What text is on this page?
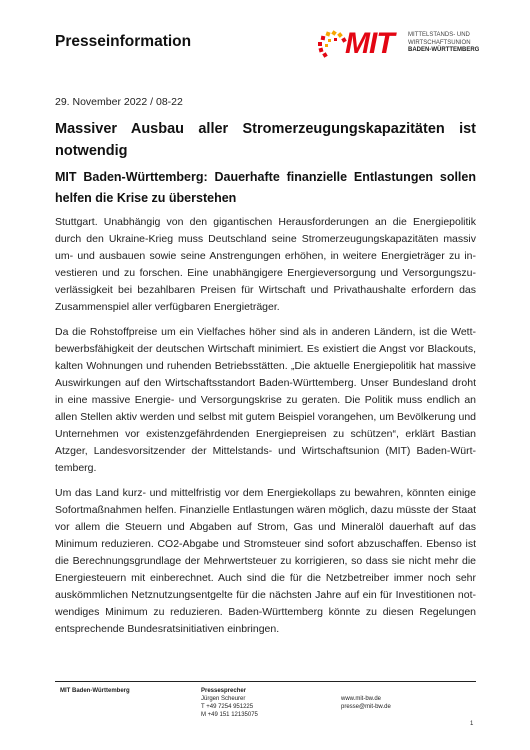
Presseinformation	MIT MITTELSTANDS- UND
WIRTSCHAFTSUNION
BADEN-WÜRTTEMBERG
29. November 2022 / 08-22
Massiver Ausbau aller Stromerzeugungskapazitäten ist notwendig
MIT Baden-Württemberg: Dauerhafte finanzielle Entlastungen sollen helfen die Krise zu überstehen

Stuttgart. Unabhängig von den gigantischen Herausforderungen an die Energiepolitik durch den Ukraine-Krieg muss Deutschland seine Stromerzeugungskapazitäten massiv um- und ausbauen sowie seine Anstrengungen erhöhen, in weitere Energieträger zu investieren und zu forschen. Eine unabhängigere Energieversorgung und Versorgungszuverlässigkeit bei bezahlbaren Preisen für Wirtschaft und Privathaushalte erfordern das Zusammenspiel aller verfügbaren Energieträger.

Da die Rohstoffpreise um ein Vielfaches höher sind als in anderen Ländern, ist die Wettbewerbsfähigkeit der deutschen Wirtschaft minimiert. Es existiert die Angst vor Blackouts, kalten Wohnungen und ruhenden Betriebsstätten. „Die aktuelle Energiepolitik hat massive Auswirkungen auf den Wirtschaftsstandort Baden-Württemberg. Unser Bundesland droht in eine massive Energie- und Versorgungskrise zu geraten. Die Politik muss endlich an allen Stellen aktiv werden und selbst mit gutem Beispiel vorangehen, um Bevölkerung und Unternehmen vor existenzgefährdenden Energiepreisen zu schützen“, erklärt Bastian Atzger, Landesvorsitzender der Mittelstands- und Wirtschaftsunion (MIT) Baden-Württemberg.

Um das Land kurz- und mittelfristig vor dem Energiekollaps zu bewahren, könnten einige Sofortmaßnahmen helfen. Finanzielle Entlastungen wären möglich, dazu müsste der Staat vor allem die Steuern und Abgaben auf Strom, Gas und Mineralöl dauerhaft auf das Minimum reduzieren. CO2-Abgabe und Stromsteuer sind sofort abzuschaffen. Ebenso ist die Berechnungsgrundlage der Mehrwertsteuer zu korrigieren, so dass sie nicht mehr die Energiesteuern mit einberechnet. Auch sind die für die Netzbetreiber immer noch sehr auskömmlichen Netznutzungsentgelte für die nächsten Jahre auf ein für Investitionen notwendiges Minimum zu reduzieren. Baden-Württemberg könnte zu diesen Regelungen entsprechende Bundesratsinitiativen einbringen.

MIT Baden-Württemberg	Pressesprecher
Jürgen Scheurer
T +49 7254 951225
M +49 151 12135075
www.mit-bw.de
presse@mit-bw.de
1
